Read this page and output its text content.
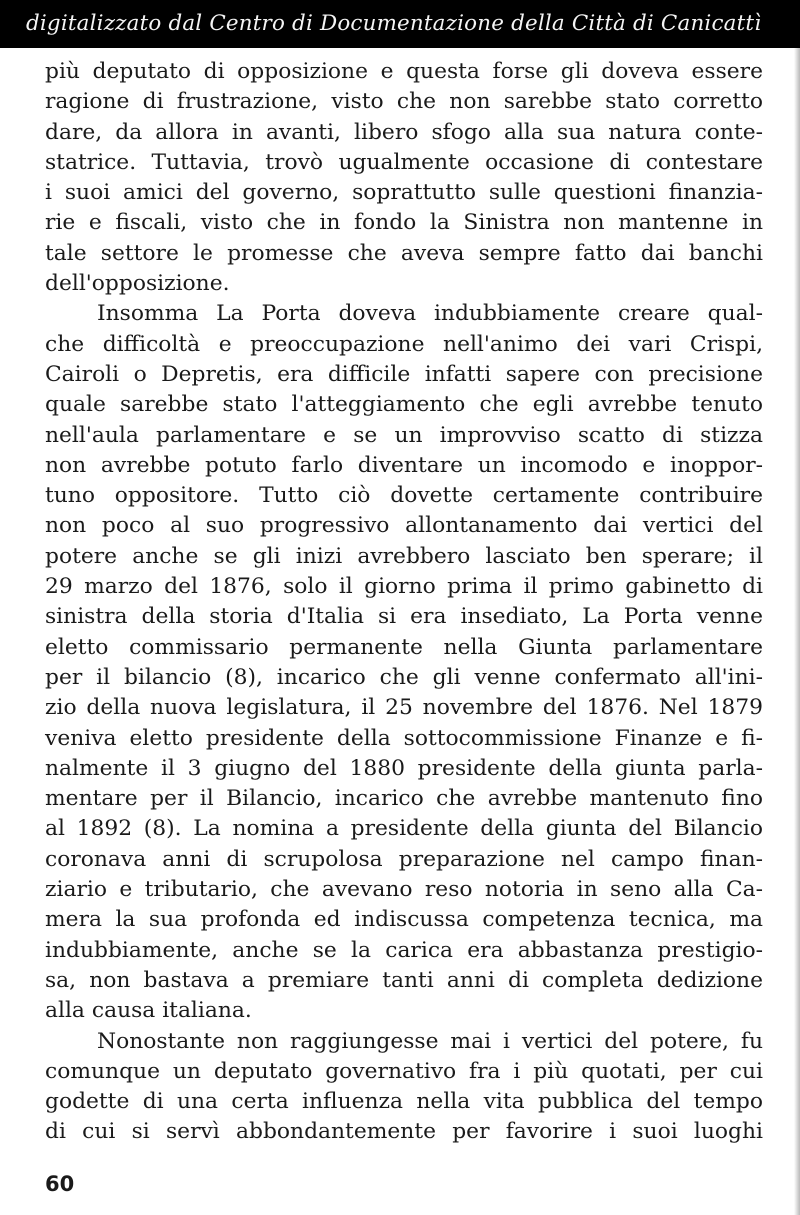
digitalizzato dal Centro di Documentazione della Città di Canicattì
più deputato di opposizione e questa forse gli doveva essere
ragione di frustrazione, visto che non sarebbe stato corretto
dare, da allora in avanti, libero sfogo alla sua natura conte-
statrice. Tuttavia, trovò ugualmente occasione di contestare
i suoi amici del governo, soprattutto sulle questioni finanzia-
rie e fiscali, visto che in fondo la Sinistra non mantenne in
tale settore le promesse che aveva sempre fatto dai banchi
dell'opposizione.
Insomma La Porta doveva indubbiamente creare qual-
che difficoltà e preoccupazione nell'animo dei vari Crispi,
Cairoli o Depretis, era difficile infatti sapere con precisione
quale sarebbe stato l'atteggiamento che egli avrebbe tenuto
nell'aula parlamentare e se un improvviso scatto di stizza
non avrebbe potuto farlo diventare un incomodo e inoppor-
tuno oppositore. Tutto ciò dovette certamente contribuire
non poco al suo progressivo allontanamento dai vertici del
potere anche se gli inizi avrebbero lasciato ben sperare; il
29 marzo del 1876, solo il giorno prima il primo gabinetto di
sinistra della storia d'Italia si era insediato, La Porta venne
eletto commissario permanente nella Giunta parlamentare
per il bilancio (8), incarico che gli venne confermato all'ini-
zio della nuova legislatura, il 25 novembre del 1876. Nel 1879
veniva eletto presidente della sottocommissione Finanze e fi-
nalmente il 3 giugno del 1880 presidente della giunta parla-
mentare per il Bilancio, incarico che avrebbe mantenuto fino
al 1892 (8). La nomina a presidente della giunta del Bilancio
coronava anni di scrupolosa preparazione nel campo finan-
ziario e tributario, che avevano reso notoria in seno alla Ca-
mera la sua profonda ed indiscussa competenza tecnica, ma
indubbiamente, anche se la carica era abbastanza prestigio-
sa, non bastava a premiare tanti anni di completa dedizione
alla causa italiana.
Nonostante non raggiungesse mai i vertici del potere, fu
comunque un deputato governativo fra i più quotati, per cui
godette di una certa influenza nella vita pubblica del tempo
di cui si servì abbondantemente per favorire i suoi luoghi
60
